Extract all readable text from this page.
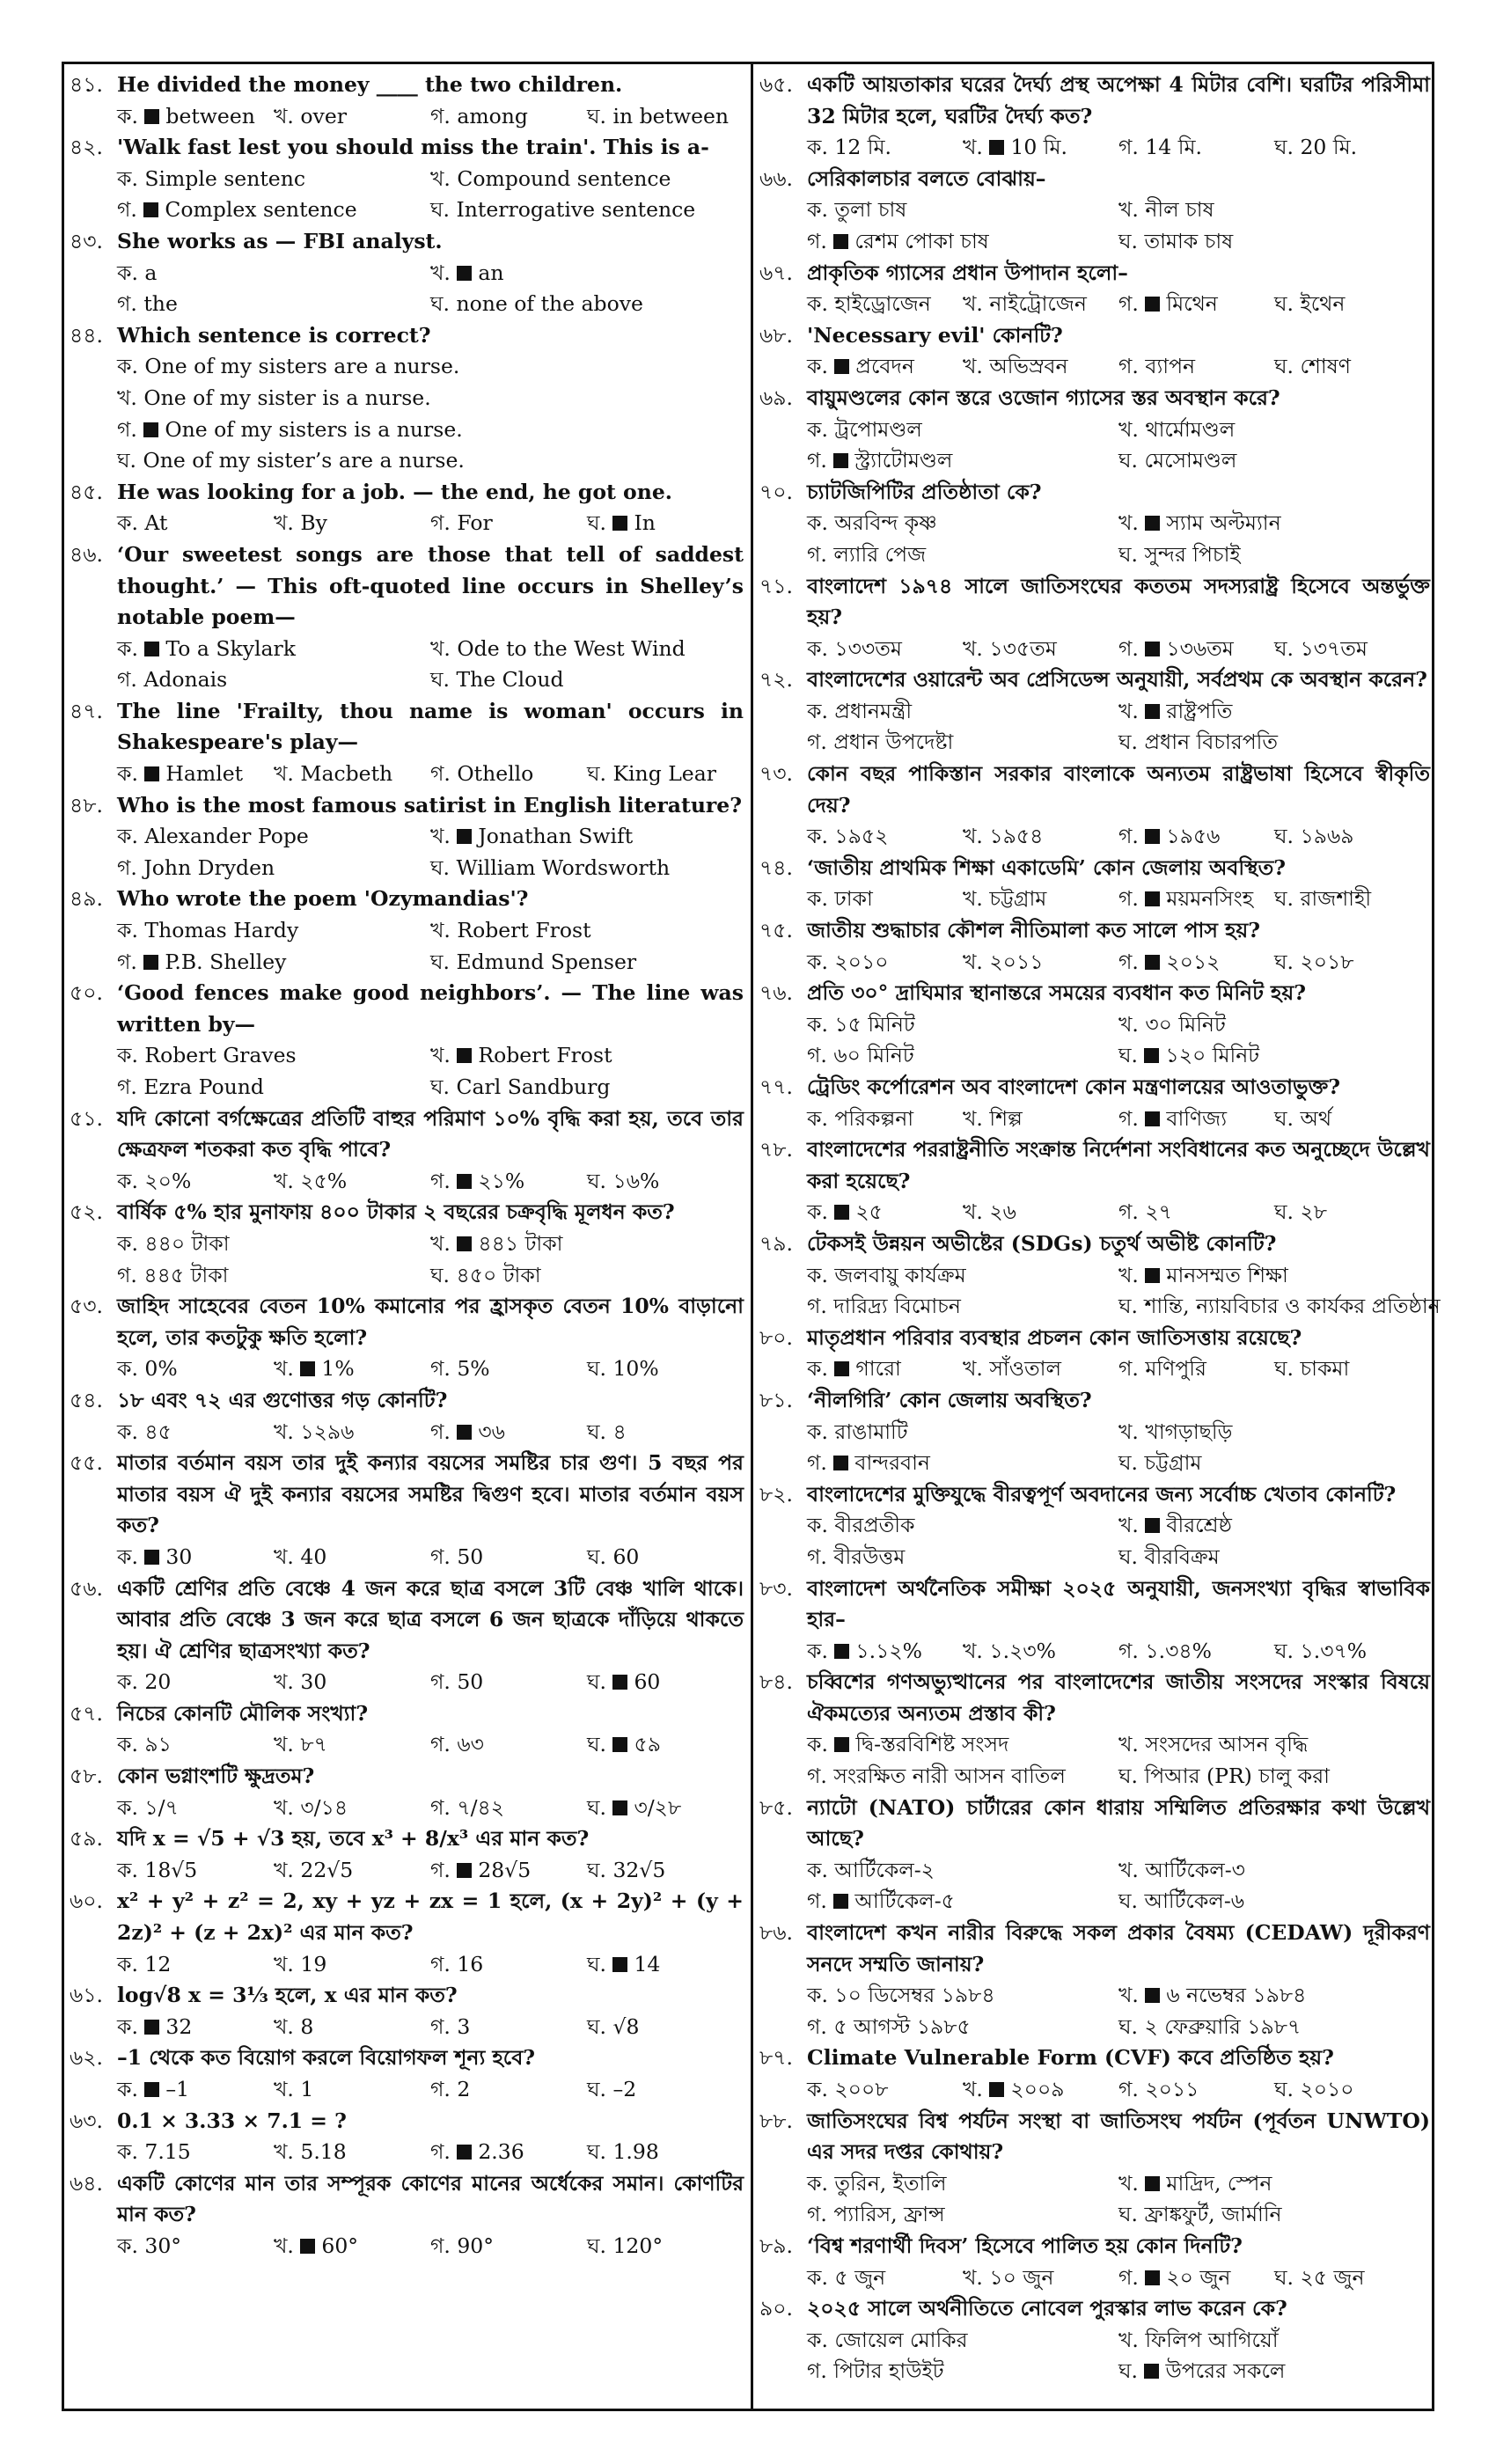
৪১. He divided the money ____ the two children.
ক. between খ. over	গ. among	ঘ. in between
৪২. 'Walk fast lest you should miss the train'. This is a-
ক. Simple sentenc	খ. Compound sentence
গ. Complex sentence	ঘ. Interrogative sentence
৪৩. She works as — FBI analyst.
ক. a	খ. an
গ. the	ঘ. none of the above
৪৪. Which sentence is correct?
ক. One of my sisters are a nurse.
খ. One of my sister is a nurse.
গ. One of my sisters is a nurse.
ঘ. One of my sister’s are a nurse.
৪৫. He was looking for a job. — the end, he got one.
ক. At	খ. By	গ. For	ঘ. In
৪৬. ‘Our sweetest songs are those that tell of saddest thought.’ — This oft-quoted line occurs in Shelley’s notable poem—
ক. To a Skylark	খ. Ode to the West Wind
গ. Adonais	ঘ. The Cloud
৪৭. The line 'Frailty, thou name is woman' occurs in Shakespeare's play—
ক. Hamlet	খ. Macbeth	গ. Othello	ঘ. King Lear
৪৮. Who is the most famous satirist in English literature?
ক. Alexander Pope	খ. Jonathan Swift
গ. John Dryden	ঘ. William Wordsworth
৪৯. Who wrote the poem 'Ozymandias'?
ক. Thomas Hardy	খ. Robert Frost
গ. P.B. Shelley	ঘ. Edmund Spenser
৫০. ‘Good fences make good neighbors’. — The line was written by—
ক. Robert Graves	খ. Robert Frost
গ. Ezra Pound	ঘ. Carl Sandburg
৫১. যদি কোনো বর্গক্ষেত্রের প্রতিটি বাহুর পরিমাণ ১০% বৃদ্ধি করা হয়, তবে তার ক্ষেত্রফল শতকরা কত বৃদ্ধি পাবে?
ক. ২০%	খ. ২৫%	গ. ২১%	ঘ. ১৬%
৫২. বার্ষিক ৫% হার মুনাফায় ৪০০ টাকার ২ বছরের চক্রবৃদ্ধি মূলধন কত?
ক. ৪৪০ টাকা	খ. ৪৪১ টাকা
গ. ৪৪৫ টাকা	ঘ. ৪৫০ টাকা
৫৩. জাহিদ সাহেবের বেতন 10% কমানোর পর হ্রাসকৃত বেতন 10% বাড়ানো হলে, তার কতটুকু ক্ষতি হলো?
ক. 0%	খ. 1%	গ. 5%	ঘ. 10%
৫৪. ১৮ এবং ৭২ এর গুণোত্তর গড় কোনটি?
ক. ৪৫	খ. ১২৯৬	গ. ৩৬	ঘ. ৪
৫৫. মাতার বর্তমান বয়স তার দুই কন্যার বয়সের সমষ্টির চার গুণ। 5 বছর পর মাতার বয়স ঐ দুই কন্যার বয়সের সমষ্টির দ্বিগুণ হবে। মাতার বর্তমান বয়স কত?
ক. 30	খ. 40	গ. 50	ঘ. 60
৫৬. একটি শ্রেণির প্রতি বেঞ্চে 4 জন করে ছাত্র বসলে 3টি বেঞ্চ খালি থাকে। আবার প্রতি বেঞ্চে 3 জন করে ছাত্র বসলে 6 জন ছাত্রকে দাঁড়িয়ে থাকতে হয়। ঐ শ্রেণির ছাত্রসংখ্যা কত?
ক. 20	খ. 30	গ. 50	ঘ. 60
৫৭. নিচের কোনটি মৌলিক সংখ্যা?
ক. ৯১	খ. ৮৭	গ. ৬৩	ঘ. ৫৯
৫৮. কোন ভগ্নাংশটি ক্ষুদ্রতম?
ক. ১/৭	খ. ৩/১৪	গ. ৭/৪২	ঘ. ৩/২৮
৫৯. যদি x = √5 + √3 হয়, তবে x³ + 8/x³ এর মান কত?
ক. 18√5	খ. 22√5	গ. 28√5	ঘ. 32√5
৬০. x² + y² + z² = 2, xy + yz + zx = 1 হলে, (x + 2y)² + (y + 2z)² + (z + 2x)² এর মান কত?
ক. 12	খ. 19	গ. 16	ঘ. 14
৬১. log√8 x = 3⅓ হলে, x এর মান কত?
ক. 32	খ. 8	গ. 3	ঘ. √8
৬২. –1 থেকে কত বিয়োগ করলে বিয়োগফল শূন্য হবে?
ক. –1	খ. 1	গ. 2	ঘ. –2
৬৩. 0.1 × 3.33 × 7.1 = ?
ক. 7.15	খ. 5.18	গ. 2.36	ঘ. 1.98
৬৪. একটি কোণের মান তার সম্পূরক কোণের মানের অর্ধেকের সমান। কোণটির মান কত?
ক. 30°	খ. 60°	গ. 90°	ঘ. 120°
৬৫. একটি আয়তাকার ঘরের দৈর্ঘ্য প্রস্থ অপেক্ষা 4 মিটার বেশি। ঘরটির পরিসীমা 32 মিটার হলে, ঘরটির দৈর্ঘ্য কত?
ক. 12 মি.	খ. 10 মি.	গ. 14 মি.	ঘ. 20 মি.
৬৬. সেরিকালচার বলতে বোঝায়–
ক. তুলা চাষ	খ. নীল চাষ
গ. রেশম পোকা চাষ	ঘ. তামাক চাষ
৬৭. প্রাকৃতিক গ্যাসের প্রধান উপাদান হলো–
ক. হাইড্রোজেন	খ. নাইট্রোজেন	গ. মিথেন	ঘ. ইথেন
৬৮. 'Necessary evil' কোনটি?
ক. প্রবেদন	খ. অভিস্রবন	গ. ব্যাপন	ঘ. শোষণ
৬৯. বায়ুমণ্ডলের কোন স্তরে ওজোন গ্যাসের স্তর অবস্থান করে?
ক. ট্রপোমণ্ডল	খ. থার্মোমণ্ডল
গ. স্ট্র্যাটোমণ্ডল	ঘ. মেসোমণ্ডল
৭০. চ্যাটজিপিটির প্রতিষ্ঠাতা কে?
ক. অরবিন্দ কৃষ্ণ	খ. স্যাম অল্টম্যান
গ. ল্যারি পেজ	ঘ. সুন্দর পিচাই
৭১. বাংলাদেশ ১৯৭৪ সালে জাতিসংঘের কততম সদস্যরাষ্ট্র হিসেবে অন্তর্ভুক্ত হয়?
ক. ১৩৩তম	খ. ১৩৫তম	গ. ১৩৬তম	ঘ. ১৩৭তম
৭২. বাংলাদেশের ওয়ারেন্ট অব প্রেসিডেন্স অনুযায়ী, সর্বপ্রথম কে অবস্থান করেন?
ক. প্রধানমন্ত্রী	খ. রাষ্ট্রপতি
গ. প্রধান উপদেষ্টা	ঘ. প্রধান বিচারপতি
৭৩. কোন বছর পাকিস্তান সরকার বাংলাকে অন্যতম রাষ্ট্রভাষা হিসেবে স্বীকৃতি দেয়?
ক. ১৯৫২	খ. ১৯৫৪	গ. ১৯৫৬	ঘ. ১৯৬৯
৭৪. ‘জাতীয় প্রাথমিক শিক্ষা একাডেমি’ কোন জেলায় অবস্থিত?
ক. ঢাকা	খ. চট্টগ্রাম	গ. ময়মনসিংহ	ঘ. রাজশাহী
৭৫. জাতীয় শুদ্ধাচার কৌশল নীতিমালা কত সালে পাস হয়?
ক. ২০১০	খ. ২০১১	গ. ২০১২	ঘ. ২০১৮
৭৬. প্রতি ৩০° দ্রাঘিমার স্থানান্তরে সময়ের ব্যবধান কত মিনিট হয়?
ক. ১৫ মিনিট	খ. ৩০ মিনিট
গ. ৬০ মিনিট	ঘ. ১২০ মিনিট
৭৭. ট্রেডিং কর্পোরেশন অব বাংলাদেশ কোন মন্ত্রণালয়ের আওতাভুক্ত?
ক. পরিকল্পনা	খ. শিল্প	গ. বাণিজ্য	ঘ. অর্থ
৭৮. বাংলাদেশের পররাষ্ট্রনীতি সংক্রান্ত নির্দেশনা সংবিধানের কত অনুচ্ছেদে উল্লেখ করা হয়েছে?
ক. ২৫	খ. ২৬	গ. ২৭	ঘ. ২৮
৭৯. টেকসই উন্নয়ন অভীষ্টের (SDGs) চতুর্থ অভীষ্ট কোনটি?
ক. জলবায়ু কার্যক্রম	খ. মানসম্মত শিক্ষা
গ. দারিদ্র্য বিমোচন	ঘ. শান্তি, ন্যায়বিচার ও কার্যকর প্রতিষ্ঠান
৮০. মাতৃপ্রধান পরিবার ব্যবস্থার প্রচলন কোন জাতিসত্তায় রয়েছে?
ক. গারো	খ. সাঁওতাল	গ. মণিপুরি	ঘ. চাকমা
৮১. ‘নীলগিরি’ কোন জেলায় অবস্থিত?
ক. রাঙামাটি	খ. খাগড়াছড়ি
গ. বান্দরবান	ঘ. চট্টগ্রাম
৮২. বাংলাদেশের মুক্তিযুদ্ধে বীরত্বপূর্ণ অবদানের জন্য সর্বোচ্চ খেতাব কোনটি?
ক. বীরপ্রতীক	খ. বীরশ্রেষ্ঠ
গ. বীরউত্তম	ঘ. বীরবিক্রম
৮৩. বাংলাদেশ অর্থনৈতিক সমীক্ষা ২০২৫ অনুযায়ী, জনসংখ্যা বৃদ্ধির স্বাভাবিক হার–
ক. ১.১২%	খ. ১.২৩%	গ. ১.৩৪%	ঘ. ১.৩৭%
৮৪. চব্বিশের গণঅভ্যুত্থানের পর বাংলাদেশের জাতীয় সংসদের সংস্কার বিষয়ে ঐকমত্যের অন্যতম প্রস্তাব কী?
ক. দ্বি-স্তরবিশিষ্ট সংসদ	খ. সংসদের আসন বৃদ্ধি
গ. সংরক্ষিত নারী আসন বাতিল	ঘ. পিআর (PR) চালু করা
৮৫. ন্যাটো (NATO) চার্টারের কোন ধারায় সম্মিলিত প্রতিরক্ষার কথা উল্লেখ আছে?
ক. আর্টিকেল-২	খ. আর্টিকেল-৩
গ. আর্টিকেল-৫	ঘ. আর্টিকেল-৬
৮৬. বাংলাদেশ কখন নারীর বিরুদ্ধে সকল প্রকার বৈষম্য (CEDAW) দূরীকরণ সনদে সম্মতি জানায়?
ক. ১০ ডিসেম্বর ১৯৮৪	খ. ৬ নভেম্বর ১৯৮৪
গ. ৫ আগস্ট ১৯৮৫	ঘ. ২ ফেব্রুয়ারি ১৯৮৭
৮৭. Climate Vulnerable Form (CVF) কবে প্রতিষ্ঠিত হয়?
ক. ২০০৮	খ. ২০০৯	গ. ২০১১	ঘ. ২০১০
৮৮. জাতিসংঘের বিশ্ব পর্যটন সংস্থা বা জাতিসংঘ পর্যটন (পূর্বতন UNWTO) এর সদর দপ্তর কোথায়?
ক. তুরিন, ইতালি	খ. মাদ্রিদ, স্পেন
গ. প্যারিস, ফ্রান্স	ঘ. ফ্রাঙ্কফুর্ট, জার্মানি
৮৯. ‘বিশ্ব শরণার্থী দিবস’ হিসেবে পালিত হয় কোন দিনটি?
ক. ৫ জুন	খ. ১০ জুন	গ. ২০ জুন	ঘ. ২৫ জুন
৯০. ২০২৫ সালে অর্থনীতিতে নোবেল পুরস্কার লাভ করেন কে?
ক. জোয়েল মোকির	খ. ফিলিপ আগিয়োঁ
গ. পিটার হাউইট	ঘ. উপরের সকলে
